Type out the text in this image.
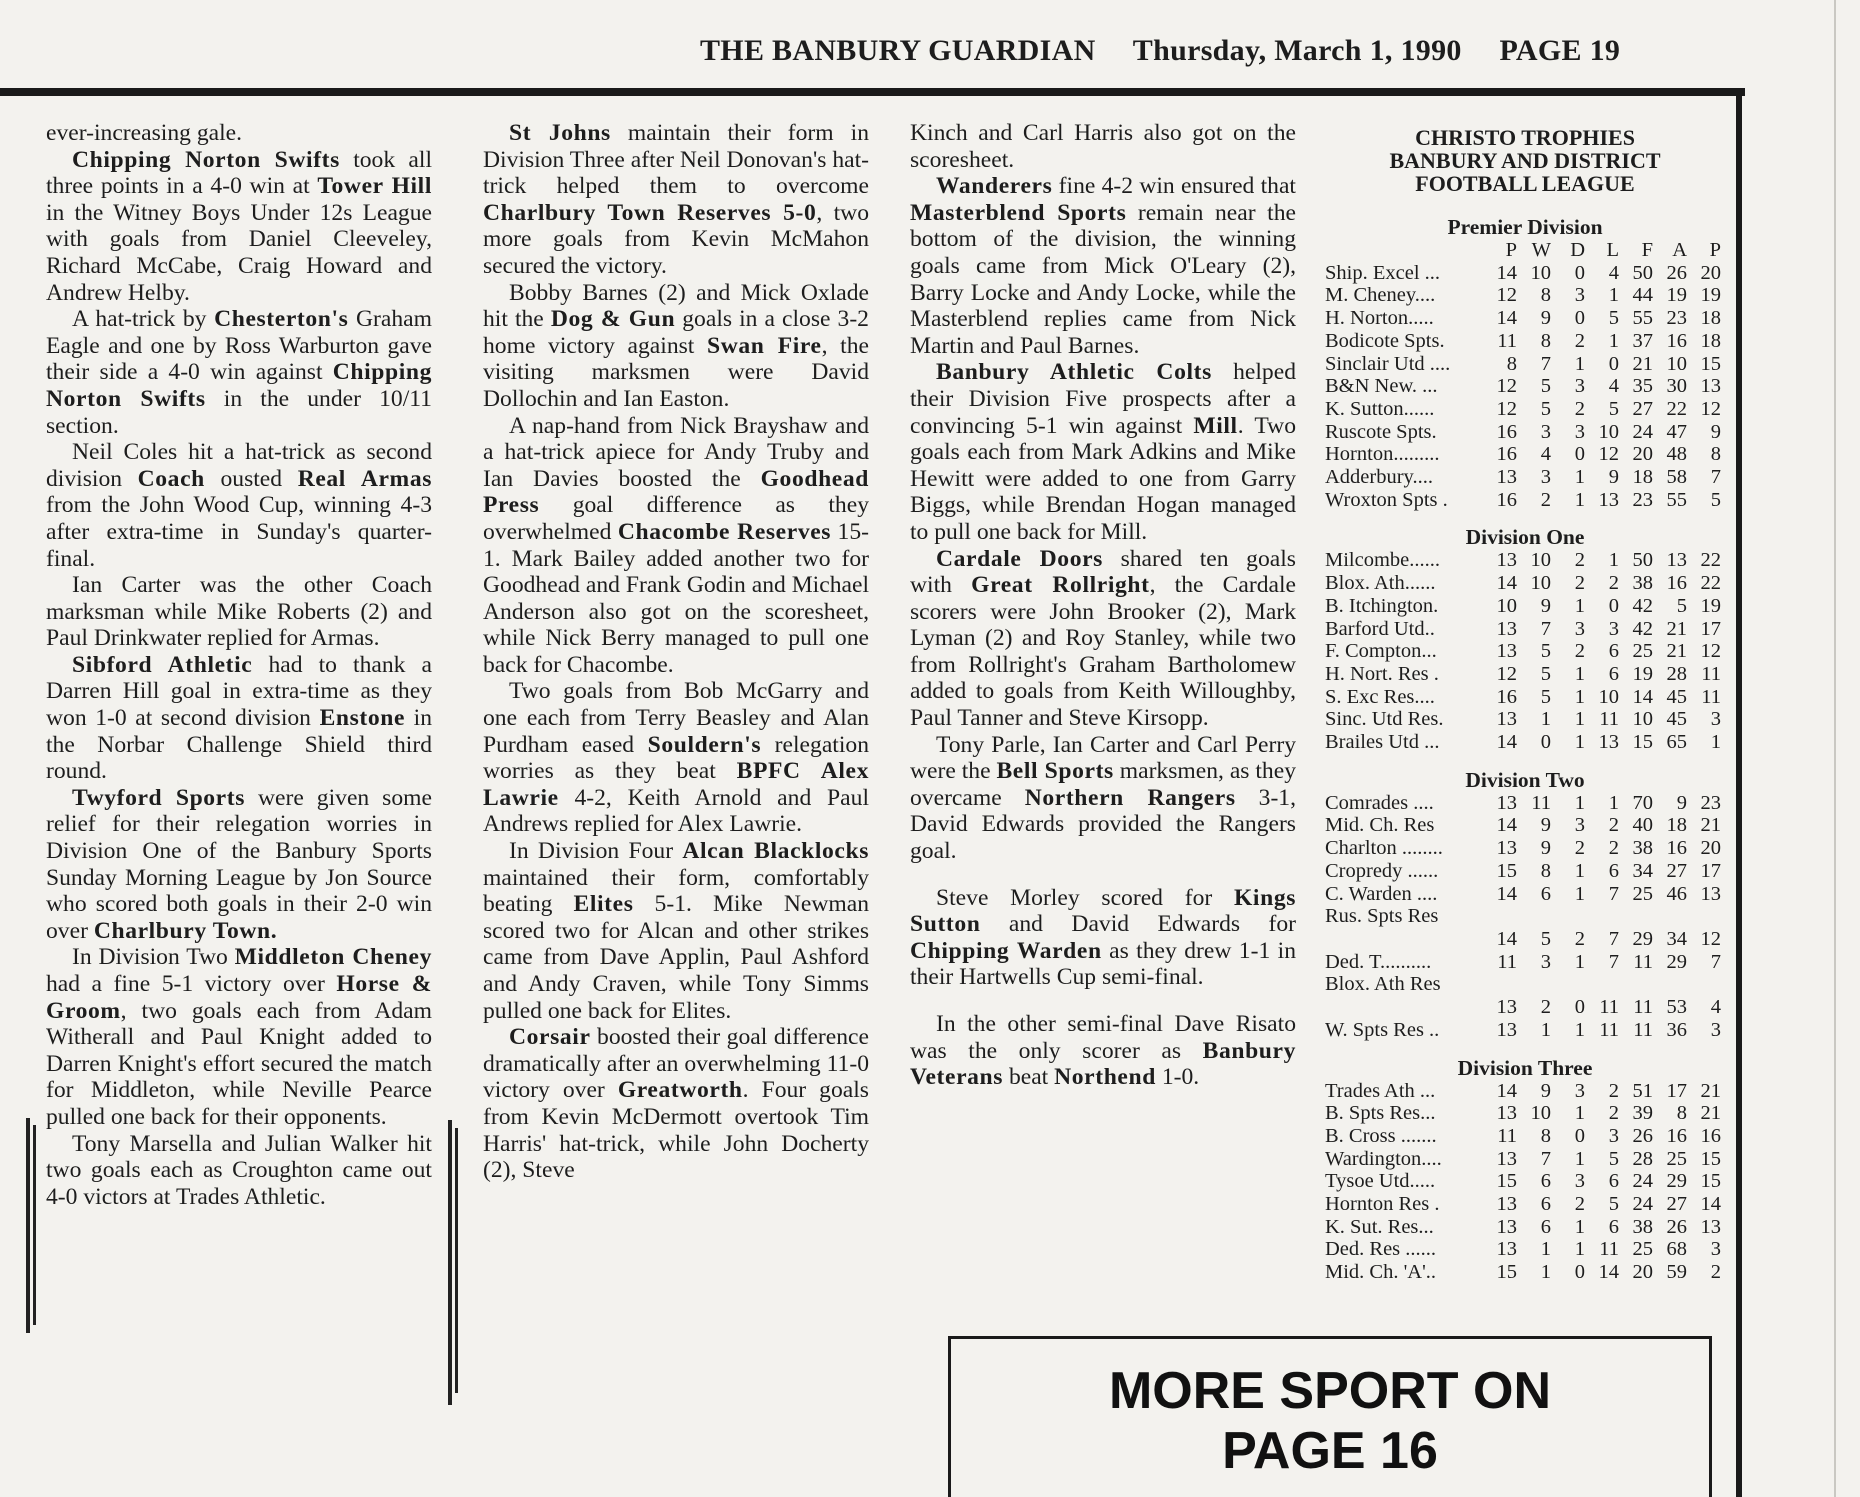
THE BANBURY GUARDIAN Thursday, March 1, 1990 PAGE 19

ever-increasing gale.

Chipping Norton Swifts took all three points in a 4-0 win at Tower Hill in the Witney Boys Under 12s League with goals from Daniel Cleeveley, Richard McCabe, Craig Howard and Andrew Helby.

A hat-trick by Chesterton's Graham Eagle and one by Ross Warburton gave their side a 4-0 win against Chipping Norton Swifts in the under 10/11 section.

Neil Coles hit a hat-trick as second division Coach ousted Real Armas from the John Wood Cup, winning 4-3 after extra-time in Sunday's quarter-final.

Ian Carter was the other Coach marksman while Mike Roberts (2) and Paul Drinkwater replied for Armas.

Sibford Athletic had to thank a Darren Hill goal in extra-time as they won 1-0 at second division Enstone in the Norbar Challenge Shield third round.

Twyford Sports were given some relief for their relegation worries in Division One of the Banbury Sports Sunday Morning League by Jon Source who scored both goals in their 2-0 win over Charlbury Town.

In Division Two Middleton Cheney had a fine 5-1 victory over Horse & Groom, two goals each from Adam Witherall and Paul Knight added to Darren Knight's effort secured the match for Middleton, while Neville Pearce pulled one back for their opponents.

Tony Marsella and Julian Walker hit two goals each as Croughton came out 4-0 victors at Trades Athletic.

St Johns maintain their form in Division Three after Neil Donovan's hat-trick helped them to overcome Charlbury Town Reserves 5-0, two more goals from Kevin McMahon secured the victory.

Bobby Barnes (2) and Mick Oxlade hit the Dog & Gun goals in a close 3-2 home victory against Swan Fire, the visiting marksmen were David Dollochin and Ian Easton.

A nap-hand from Nick Brayshaw and a hat-trick apiece for Andy Truby and Ian Davies boosted the Goodhead Press goal difference as they overwhelmed Chacombe Reserves 15-1. Mark Bailey added another two for Goodhead and Frank Godin and Michael Anderson also got on the scoresheet, while Nick Berry managed to pull one back for Chacombe.

Two goals from Bob McGarry and one each from Terry Beasley and Alan Purdham eased Souldern's relegation worries as they beat BPFC Alex Lawrie 4-2, Keith Arnold and Paul Andrews replied for Alex Lawrie.

In Division Four Alcan Blacklocks maintained their form, comfortably beating Elites 5-1. Mike Newman scored two for Alcan and other strikes came from Dave Applin, Paul Ashford and Andy Craven, while Tony Simms pulled one back for Elites.

Corsair boosted their goal difference dramatically after an overwhelming 11-0 victory over Greatworth. Four goals from Kevin McDermott overtook Tim Harris' hat-trick, while John Docherty (2), Steve

Kinch and Carl Harris also got on the scoresheet.

Wanderers fine 4-2 win ensured that Masterblend Sports remain near the bottom of the division, the winning goals came from Mick O'Leary (2), Barry Locke and Andy Locke, while the Masterblend replies came from Nick Martin and Paul Barnes.

Banbury Athletic Colts helped their Division Five prospects after a convincing 5-1 win against Mill. Two goals each from Mark Adkins and Mike Hewitt were added to one from Garry Biggs, while Brendan Hogan managed to pull one back for Mill.

Cardale Doors shared ten goals with Great Rollright, the Cardale scorers were John Brooker (2), Mark Lyman (2) and Roy Stanley, while two from Rollright's Graham Bartholomew added to goals from Keith Willoughby, Paul Tanner and Steve Kirsopp.

Tony Parle, Ian Carter and Carl Perry were the Bell Sports marksmen, as they overcame Northern Rangers 3-1, David Edwards provided the Rangers goal.

Steve Morley scored for Kings Sutton and David Edwards for Chipping Warden as they drew 1-1 in their Hartwells Cup semi-final.

In the other semi-final Dave Risato was the only scorer as Banbury Veterans beat Northend 1-0.

CHRISTO TROPHIES
BANBURY AND DISTRICT
FOOTBALL LEAGUE
Premier Division
P W D	L	F A	P
Ship. Excel ...	14 10	0	4 50 26 20
M. Cheney....	12	8	3	1 44 19 19
H. Norton.....	14	9	0	5 55 23 18
Bodicote Spts.	11	8	2	1 37 16 18
Sinclair Utd ....	8	7	1	0 21 10 15
B&N New. ...	12	5	3	4 35 30 13
K. Sutton......	12	5	2	5 27 22 12
Ruscote Spts.	16	3	3 10 24 47	9
Hornton.........	16	4	0 12 20 48	8
Adderbury....	13	3	1	9 18 58	7
Wroxton Spts .	16	2	1 13 23 55	5
Division One
Milcombe......	13 10	2	1 50 13 22
Blox. Ath......	14 10	2	2 38 16 22
B. Itchington.	10	9	1	0 42	5 19
Barford Utd..	13	7	3	3 42 21 17
F. Compton...	13	5	2	6 25 21 12
H. Nort. Res .	12	5	1	6 19 28 11
S. Exc Res....	16	5	1 10 14 45 11
Sinc. Utd Res.	13	1	1 11 10 45	3
Brailes Utd ...	14	0	1 13 15 65	1
Division Two
Comrades ....	13 11	1	1 70	9 23
Mid. Ch. Res	14	9	3	2 40 18 21
Charlton ........	13	9	2	2 38 16 20
Cropredy ......	15	8	1	6 34 27 17
C. Warden ....	14	6	1	7 25 46 13
Rus. Spts Res
14	5	2	7 29 34 12
Ded. T..........	11	3	1	7 11 29	7
Blox. Ath Res
13	2	0 11 11 53	4
W. Spts Res ..	13	1	1 11 11 36	3
Division Three
Trades Ath ...	14	9	3	2 51 17 21
B. Spts Res...	13 10	1	2 39	8 21
B. Cross .......	11	8	0	3 26 16 16
Wardington....	13	7	1	5 28 25 15
Tysoe Utd.....	15	6	3	6 24 29 15
Hornton Res .	13	6	2	5 24 27 14
K. Sut. Res...	13	6	1	6 38 26 13
Ded. Res ......	13	1	1 11 25 68	3
Mid. Ch. 'A'..	15	1	0 14 20 59	2
MORE SPORT ON
PAGE 16
